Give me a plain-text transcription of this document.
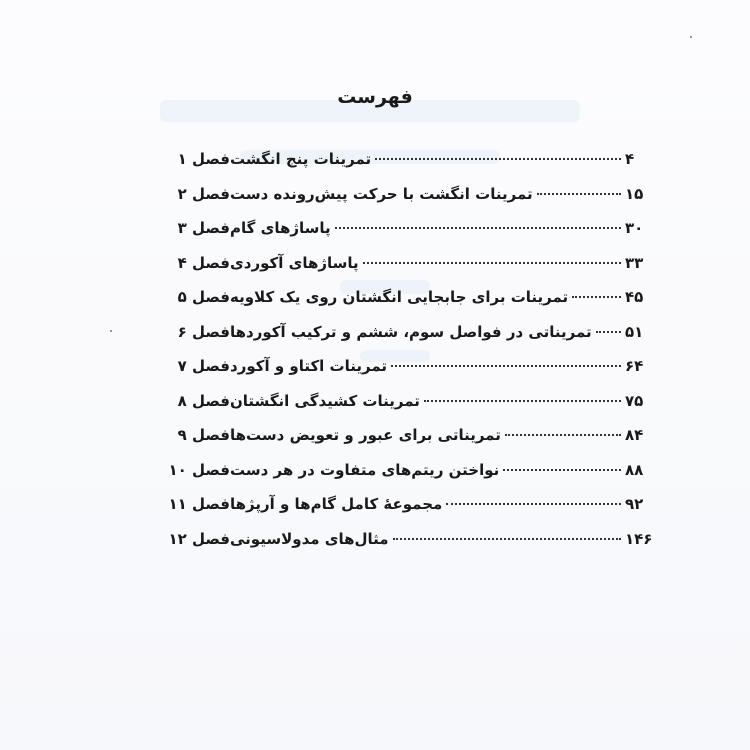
فهرست
فصل ۱ تمرینات پنج انگشت	۴
فصل ۲ تمرینات انگشت با حرکت پیش‌رونده دست	۱۵
فصل ۳ پاساژهای گام	۳۰
فصل ۴ پاساژهای آکوردی	۳۳
فصل ۵ تمرینات برای جابجایی انگشتان روی یک کلاویه	۴۵
فصل ۶ تمریناتی در فواصل سوم، ششم و ترکیب آکوردها ۵۱
فصل ۷ تمرینات اکتاو و آکورد	۶۴
فصل ۸ تمرینات کشیدگی انگشتان	۷۵
فصل ۹ تمریناتی برای عبور و تعویض دست‌ها	۸۴
فصل ۱۰ نواختن ریتم‌های متفاوت در هر دست	۸۸
فصل ۱۱ مجموعهٔ کامل گام‌ها و آرپژها	۹۲
فصل ۱۲ مثال‌های مدولاسیونی	۱۴۶
